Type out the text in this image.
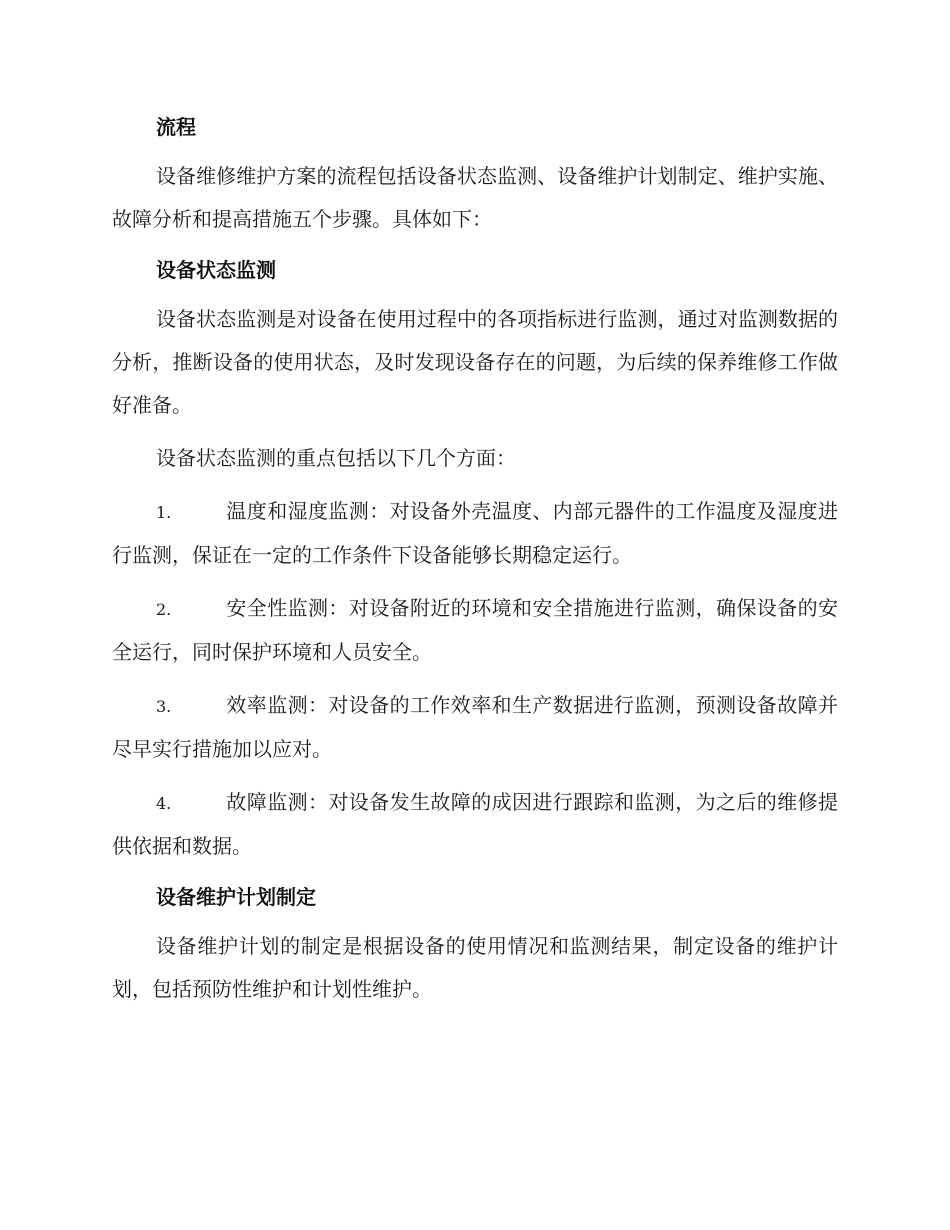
流程

设备维修维护方案的流程包括设备状态监测、设备维护计划制定、维护实施、故障分析和提高措施五个步骤。具体如下：

设备状态监测

设备状态监测是对设备在使用过程中的各项指标进行监测，通过对监测数据的分析，推断设备的使用状态，及时发现设备存在的问题，为后续的保养维修工作做好准备。

设备状态监测的重点包括以下几个方面：

1.	温度和湿度监测：对设备外壳温度、内部元器件的工作温度及湿度进行监测，保证在一定的工作条件下设备能够长期稳定运行。

2.	安全性监测：对设备附近的环境和安全措施进行监测，确保设备的安全运行，同时保护环境和人员安全。

3.	效率监测：对设备的工作效率和生产数据进行监测，预测设备故障并尽早实行措施加以应对。

4.	故障监测：对设备发生故障的成因进行跟踪和监测，为之后的维修提供依据和数据。

设备维护计划制定

设备维护计划的制定是根据设备的使用情况和监测结果，制定设备的维护计划，包括预防性维护和计划性维护。
